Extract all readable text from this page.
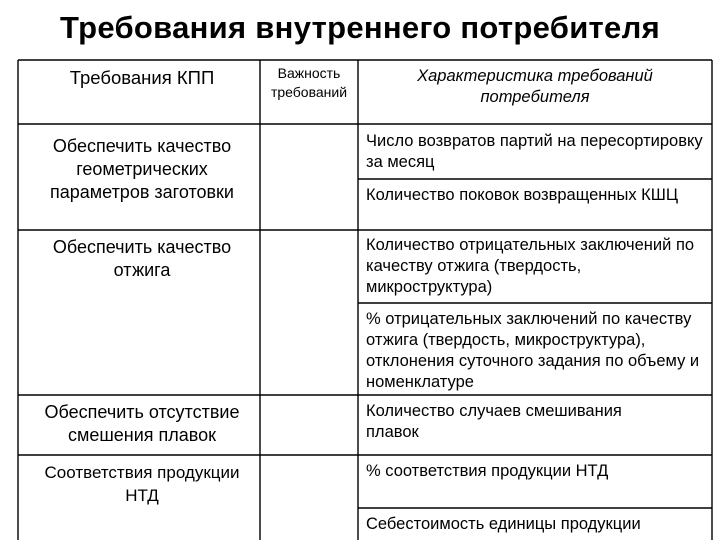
Требования внутреннего потребителя
Требования КПП	Важность требований
Характеристика требований потребителя
Обеспечить качество геометрических параметров заготовки
Число возвратов партий на пересортировку за месяц
Количество поковок возвращенных КШЦ
Обеспечить качество отжига
Количество отрицательных заключений по качеству отжига (твердость, микроструктура)
% отрицательных заключений по качеству отжига (твердость, микроструктура), отклонения суточного задания по объему и номенклатуре
Обеспечить отсутствие смешения плавок
Количество случаев смешивания плавок
Соответствия продукции НТД
% соответствия продукции НТД
Себестоимость единицы продукции
